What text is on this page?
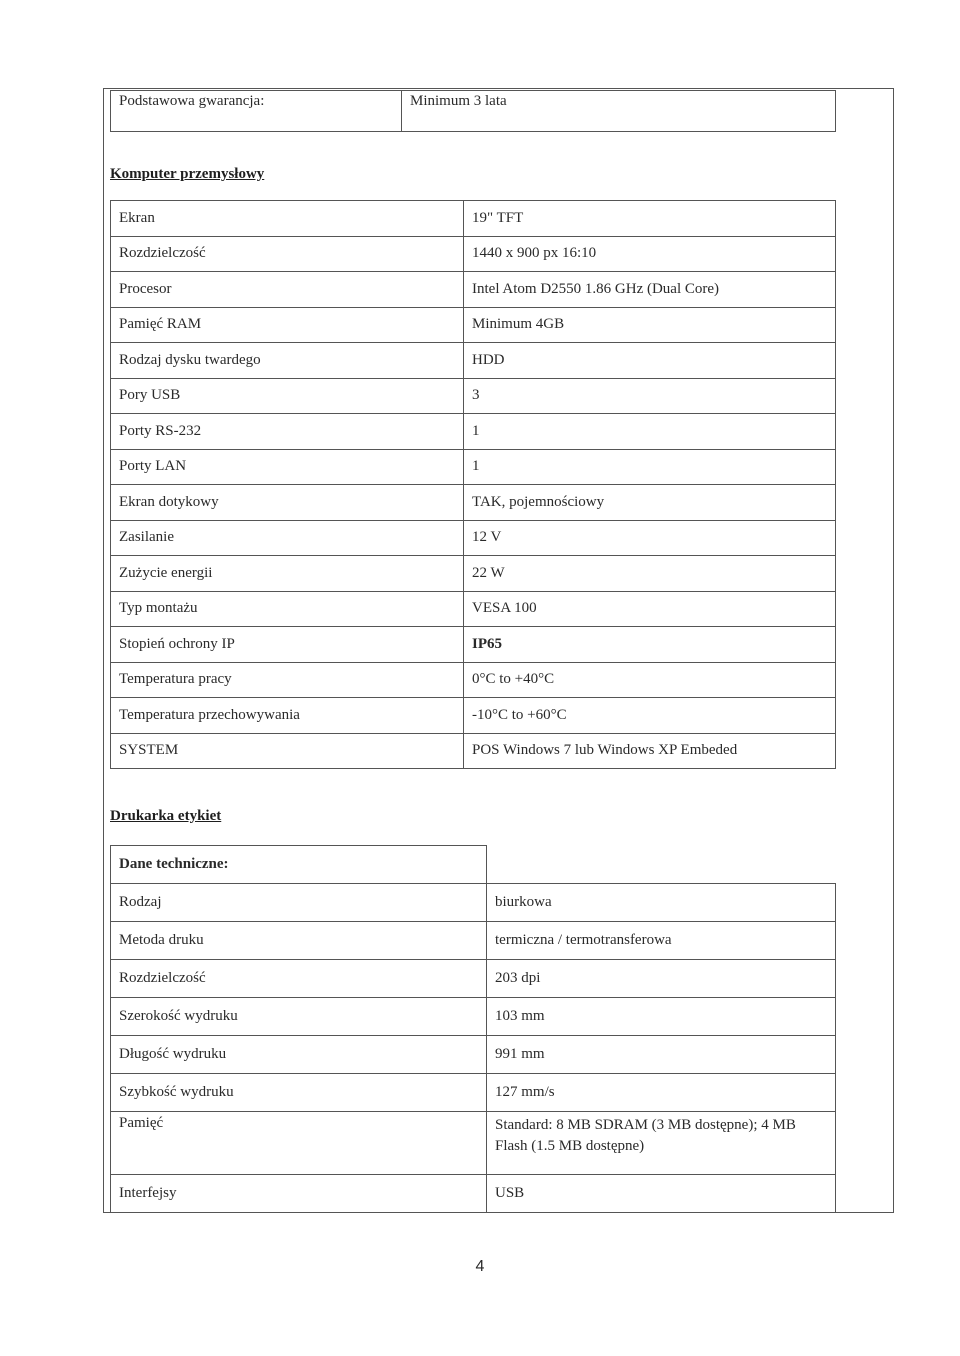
Podstawowa gwarancja:	Minimum 3 lata
Komputer przemysłowy
Ekran	19" TFT
Rozdzielczość	1440 x 900 px 16:10
Procesor	Intel Atom D2550 1.86 GHz (Dual Core)
Pamięć RAM	Minimum 4GB
Rodzaj dysku twardego	HDD
Pory USB	3
Porty RS-232	1
Porty LAN	1
Ekran dotykowy	TAK, pojemnościowy
Zasilanie	12 V
Zużycie energii	22 W
Typ montażu	VESA 100
Stopień ochrony IP	IP65
Temperatura pracy	0°C to +40°C
Temperatura przechowywania	-10°C to +60°C
SYSTEM	POS Windows 7 lub Windows XP Embeded
Drukarka etykiet
Dane techniczne:	
Rodzaj	biurkowa
Metoda druku	termiczna / termotransferowa
Rozdzielczość	203 dpi
Szerokość wydruku	103 mm
Długość wydruku	991 mm
Szybkość wydruku	127 mm/s
Pamięć	Standard: 8 MB SDRAM (3 MB dostępne); 4 MB Flash (1.5 MB dostępne)
Interfejsy	USB
4
